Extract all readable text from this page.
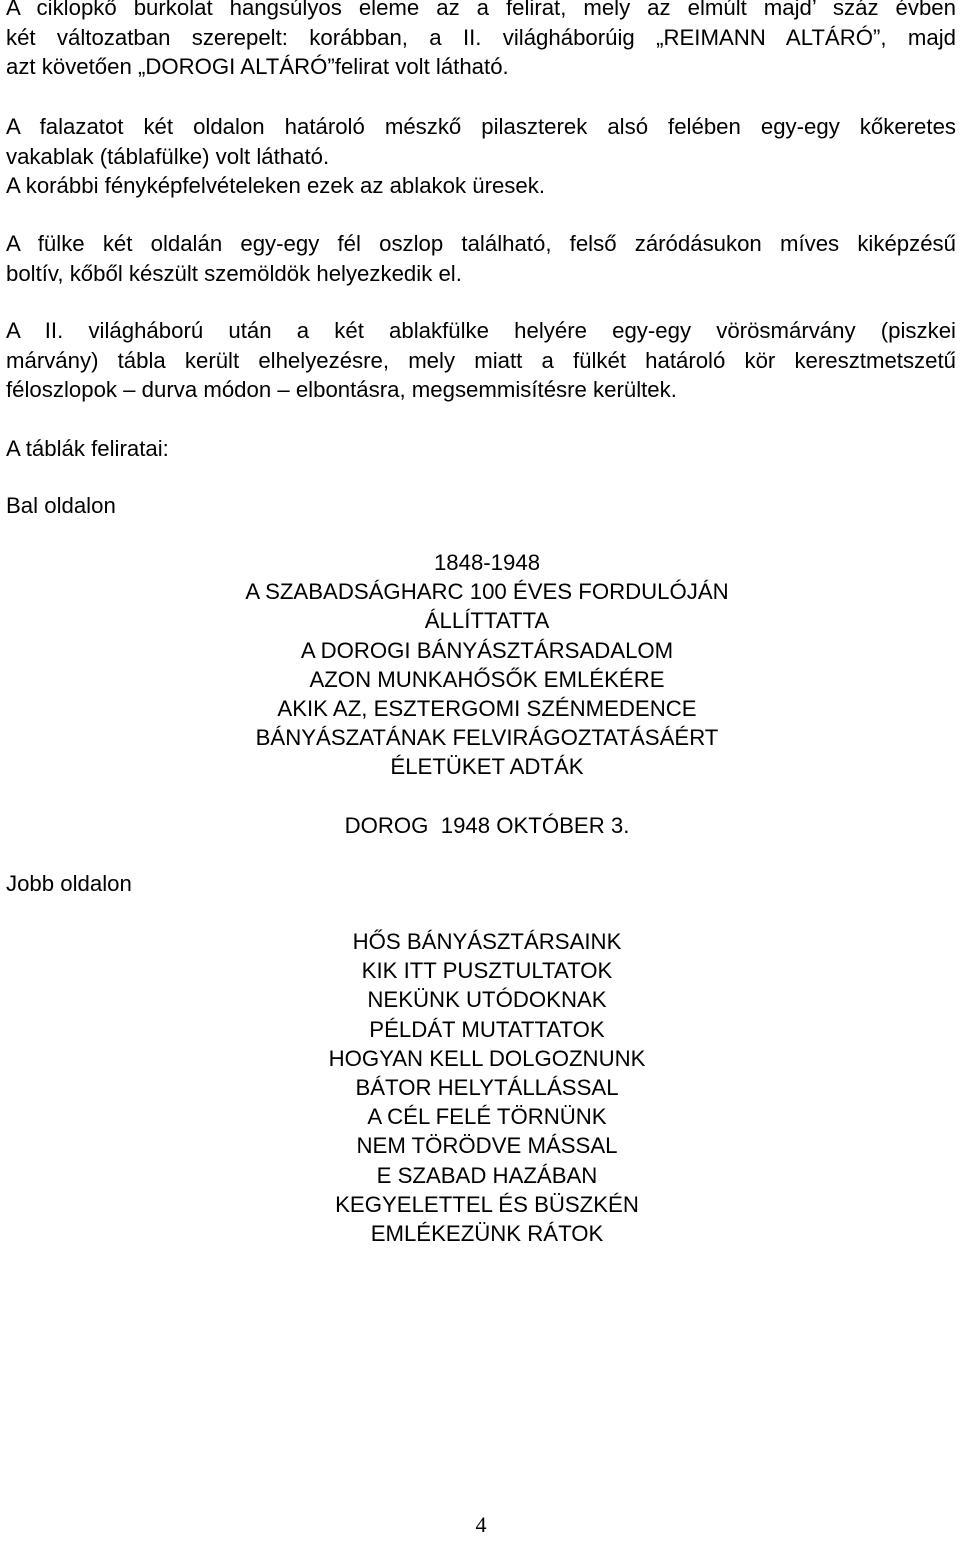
A ciklopkő burkolat hangsúlyos eleme az a felirat, mely az elmúlt majd’ száz évben
két változatban szerepelt: korábban, a II. világháborúig „REIMANN ALTÁRÓ”, majd
azt követően „DOROGI ALTÁRÓ”felirat volt látható.

A falazatot két oldalon határoló mészkő pilaszterek alsó felében egy-egy kőkeretes
vakablak (táblafülke) volt látható.
A korábbi fényképfelvételeken ezek az ablakok üresek.

A fülke két oldalán egy-egy fél oszlop található, felső záródásukon míves kiképzésű
boltív, kőből készült szemöldök helyezkedik el.

A II. világháború után a két ablakfülke helyére egy-egy vörösmárvány (piszkei
márvány) tábla került elhelyezésre, mely miatt a fülkét határoló kör keresztmetszetű
féloszlopok – durva módon – elbontásra, megsemmisítésre kerültek.

A táblák feliratai:

Bal oldalon

1848-1948
A SZABADSÁGHARC 100 ÉVES FORDULÓJÁN
ÁLLÍTTATTA
A DOROGI BÁNYÁSZTÁRSADALOM
AZON MUNKAHŐSŐK EMLÉKÉRE
AKIK AZ, ESZTERGOMI SZÉNMEDENCE
BÁNYÁSZATÁNAK FELVIRÁGOZTATÁSÁÉRT
ÉLETÜKET ADTÁK
DOROG  1948 OKTÓBER 3.

Jobb oldalon

HŐS BÁNYÁSZTÁRSAINK
KIK ITT PUSZTULTATOK
NEKÜNK UTÓDOKNAK
PÉLDÁT MUTATTATOK
HOGYAN KELL DOLGOZNUNK
BÁTOR HELYTÁLLÁSSAL
A CÉL FELÉ TÖRNÜNK
NEM TÖRÖDVE MÁSSAL
E SZABAD HAZÁBAN
KEGYELETTEL ÉS BÜSZKÉN
EMLÉKEZÜNK RÁTOK
4
